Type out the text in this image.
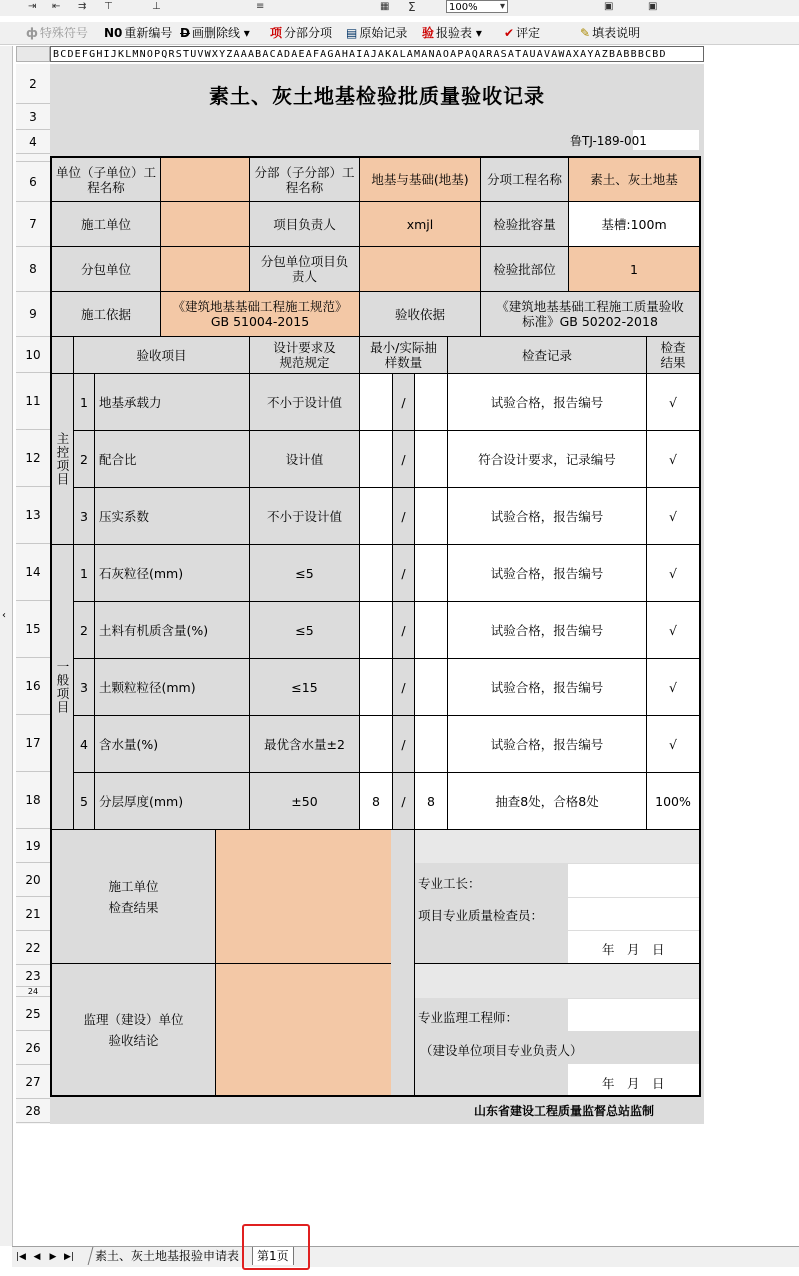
⇥ ⇤ ⇉ ⊤	⊥	≡	▦ Σ	100%	▾	▣	▣
ф 特殊符号 N0 重新编号 D 画删除线 ▾ 项 分部分项 ▤ 原始记录 验 报验表 ▾ ✔ 评定	✎ 填表说明
‹
BCDEFGHIJKLMNOPQRSTUVWXYZAAABACADAEAFAGAHAIAJAKALAMANAOAPAQARASATAUAVAWAXAYAZBABBBCBD
2
3
4
6
7
8
9
10
11
12
13
14
15
16
17
18
19
20
21
22
23
24
25
26
27
28
素土、灰土地基检验批质量验收记录
鲁TJ-189-001
单位（子单位）工程名称
分部（子分部）工程名称	地基与基础(地基)	分项工程名称	素土、灰土地基
施工单位	项目负责人	xmjl	检验批容量	基槽:100m
分包单位	分包单位项目负责人	检验批部位	1
施工依据	《建筑地基基础工程施工规范》GB 51004-2015	验收依据	《建筑地基基础工程施工质量验收标准》GB 50202-2018
验收项目	设计要求及规范规定
最小/实际抽样数量	检查记录	检查结果
主控项目
一般项目
1 地基承载力	不小于设计值	/	试验合格，报告编号	√
2 配合比	设计值	/	符合设计要求，记录编号	√
3 压实系数	不小于设计值	/	试验合格，报告编号	√
1 石灰粒径(mm)	≤5	/	试验合格，报告编号	√
2 土料有机质含量(%)	≤5	/	试验合格，报告编号	√
3 土颗粒粒径(mm)	≤15	/	试验合格，报告编号	√
4 含水量(%)	最优含水量±2	/	试验合格，报告编号	√
5 分层厚度(mm)	±50	8	/	8	抽查8处，合格8处	100%
施工单位
检查结果
专业工长：
项目专业质量检查员：
年　月　日
监理（建设）单位
验收结论
专业监理工程师：
（建设单位项目专业负责人）
年　月　日
山东省建设工程质量监督总站监制
|◀ ◀	▶ ▶|	素土、灰土地基报验申请表	第1页
